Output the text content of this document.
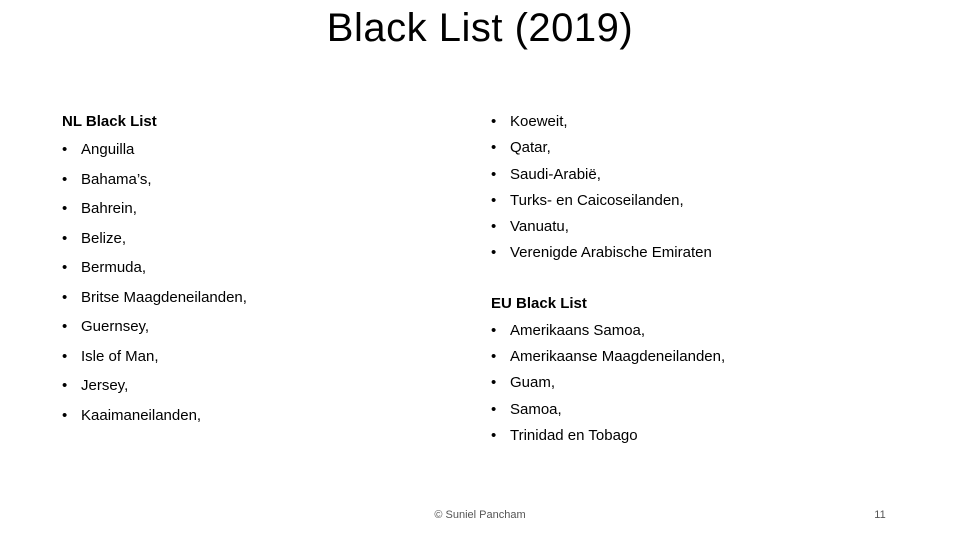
Black List (2019)
NL Black List
• Anguilla
• Bahama’s,
• Bahrein,
• Belize,
• Bermuda,
• Britse Maagdeneilanden,
• Guernsey,
• Isle of Man,
• Jersey,
• Kaaimaneilanden,
• Koeweit,
• Qatar,
• Saudi-Arabië,
• Turks- en Caicoseilanden,
• Vanuatu,
• Verenigde Arabische Emiraten
EU Black List
• Amerikaans Samoa,
• Amerikaanse Maagdeneilanden,
• Guam,
• Samoa,
• Trinidad en Tobago
© Suniel Pancham	11
